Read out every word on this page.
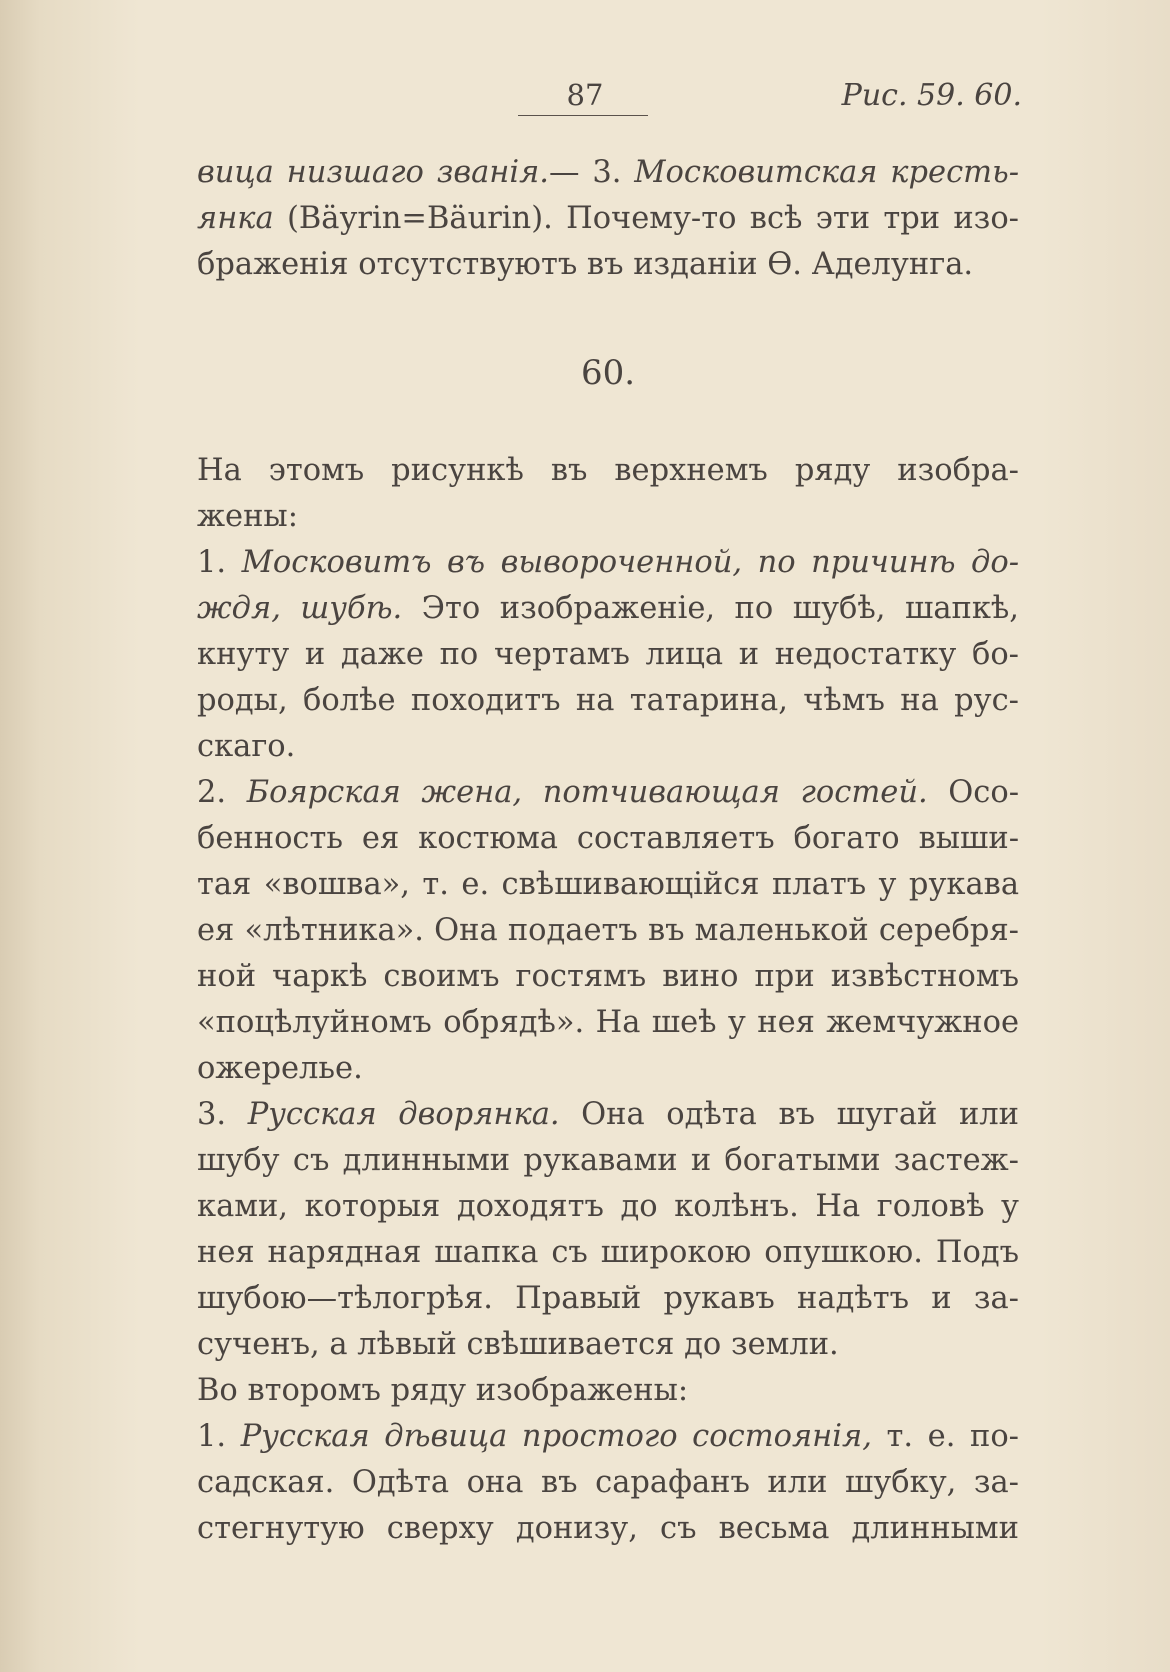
87	Рис. 59. 60.
вица низшаго званія.— 3. Московитская кресть-
янка (Bäуrin=Bäurin). Почему-то всѣ эти три изо-
браженія отсутствуютъ въ изданіи Ѳ. Аделунга.
60.
На этомъ рисункѣ въ верхнемъ ряду изобра-
жены:
1. Московитъ въ вывороченной, по причинѣ до-
ждя, шубѣ. Это изображеніе, по шубѣ, шапкѣ,
кнуту и даже по чертамъ лица и недостатку бо-
роды, болѣе походитъ на татарина, чѣмъ на рус-
скаго.
2. Боярская жена, потчивающая гостей. Осо-
бенность ея костюма составляетъ богато выши-
тая «вошва», т. е. свѣшивающійся платъ у рукава
ея «лѣтника». Она подаетъ въ маленькой серебря-
ной чаркѣ своимъ гостямъ вино при извѣстномъ
«поцѣлуйномъ обрядѣ». На шеѣ у нея жемчужное
ожерелье.
3. Русская дворянка. Она одѣта въ шугай или
шубу съ длинными рукавами и богатыми застеж-
ками, которыя доходятъ до колѣнъ. На головѣ у
нея нарядная шапка съ широкою опушкою. Подъ
шубою—тѣлогрѣя. Правый рукавъ надѣтъ и за-
сученъ, а лѣвый свѣшивается до земли.
Во второмъ ряду изображены:
1. Русская дѣвица простого состоянія, т. е. по-
садская. Одѣта она въ сарафанъ или шубку, за-
стегнутую сверху донизу, съ весьма длинными
